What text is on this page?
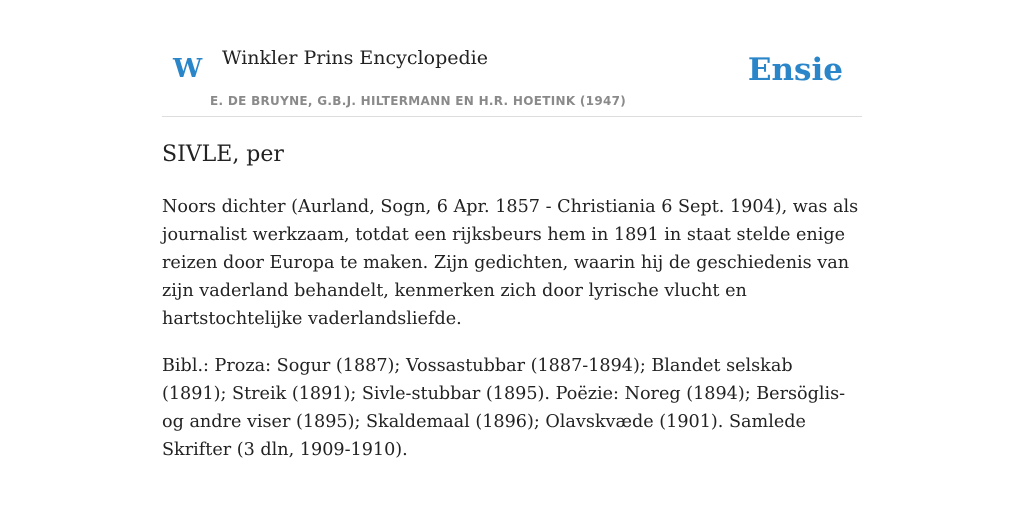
W Winkler Prins Encyclopedie
E. DE BRUYNE, G.B.J. HILTERMANN EN H.R. HOETINK (1947)
Ensie
SIVLE, per

Noors dichter (Aurland, Sogn, 6 Apr. 1857 - Christiania 6 Sept. 1904), was als journalist werkzaam, totdat een rijksbeurs hem in 1891 in staat stelde enige reizen door Europa te maken. Zijn gedichten, waarin hij de geschiedenis van zijn vaderland behandelt, kenmerken zich door lyrische vlucht en hartstochtelijke vaderlandsliefde.

Bibl.: Proza: Sogur (1887); Vossastubbar (1887-1894); Blandet selskab (1891); Streik (1891); Sivle-stubbar (1895). Poëzie: Noreg (1894); Bersöglis- og andre viser (1895); Skaldemaal (1896); Olavskvæde (1901). Samlede Skrifter (3 dln, 1909-1910).
